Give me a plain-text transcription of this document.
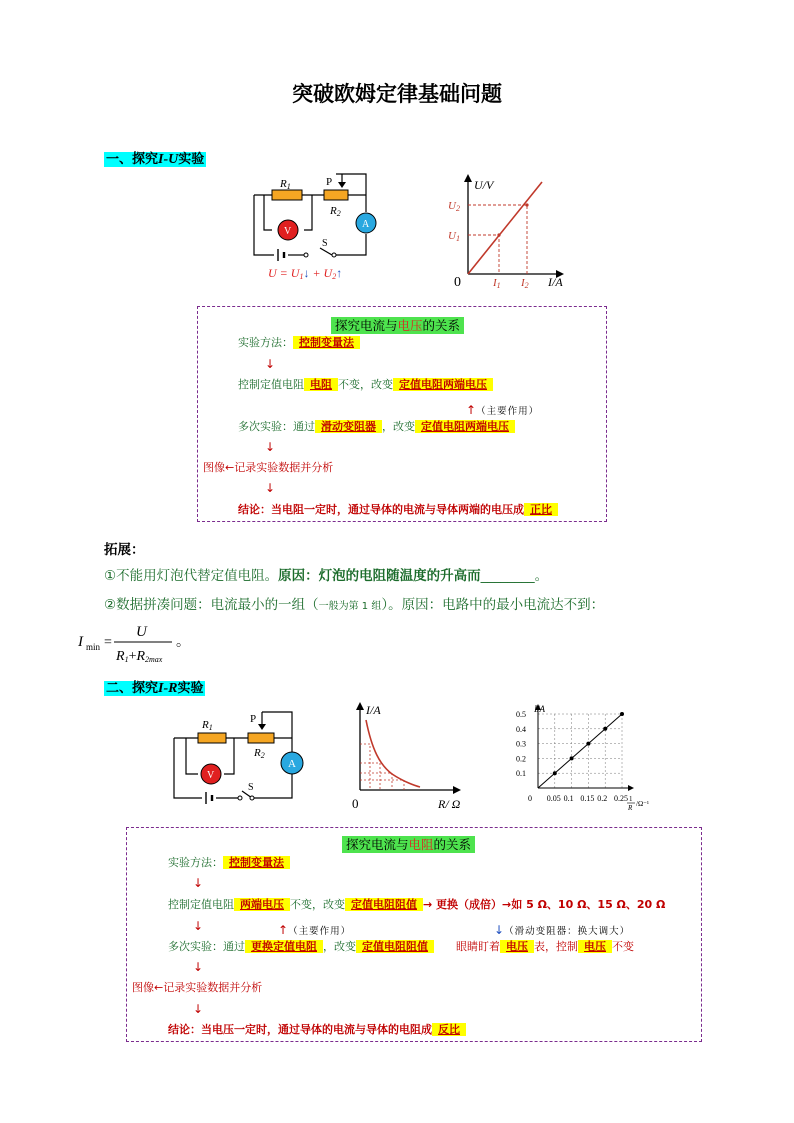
突破欧姆定律基础问题
一、探究I-U实验
R1	P
R2
V
A
S
U = U1↓ + U2↑
U/V
I/A
0
U1
U2
I1 I2
探究电流与电压的关系
实验方法： 控制变量法
↓
控制定值电阻 电阻 不变，改变 定值电阻两端电压
↑（主要作用）
多次实验：通过 滑动变阻器 ，改变 定值电阻两端电压
↓
图像←记录实验数据并分析
↓
结论：当电阻一定时，通过导体的电流与导体两端的电压成 正比
拓展：
①不能用灯泡代替定值电阻。原因：灯泡的电阻随温度的升高而________。
②数据拼凑问题：电流最小的一组（一般为第 1 组）。原因：电路中的最小电流达不到：
I min =
U
R1+R2max
。
二、探究I-R实验
R1
P
R2
V
A
S
I/A
0	R/ Ω
0.5
0.4
0.3
0.2
0.1
0 0.05 0.1 0.15 0.2 0.25
I/A
1
R /Ω⁻¹
探究电流与电阻的关系
实验方法： 控制变量法
↓
控制定值电阻 两端电压 不变，改变 定值电阻阻值 → 更换（成倍）→如 5 Ω、10 Ω、15 Ω、20 Ω
↓	↑（主要作用）	↓（滑动变阻器：换大调大）
多次实验：通过 更换定值电阻 ，改变 定值电阻阻值	眼睛盯着 电压 表，控制 电压 不变
↓
图像←记录实验数据并分析
↓
结论：当电压一定时，通过导体的电流与导体的电阻成 反比
